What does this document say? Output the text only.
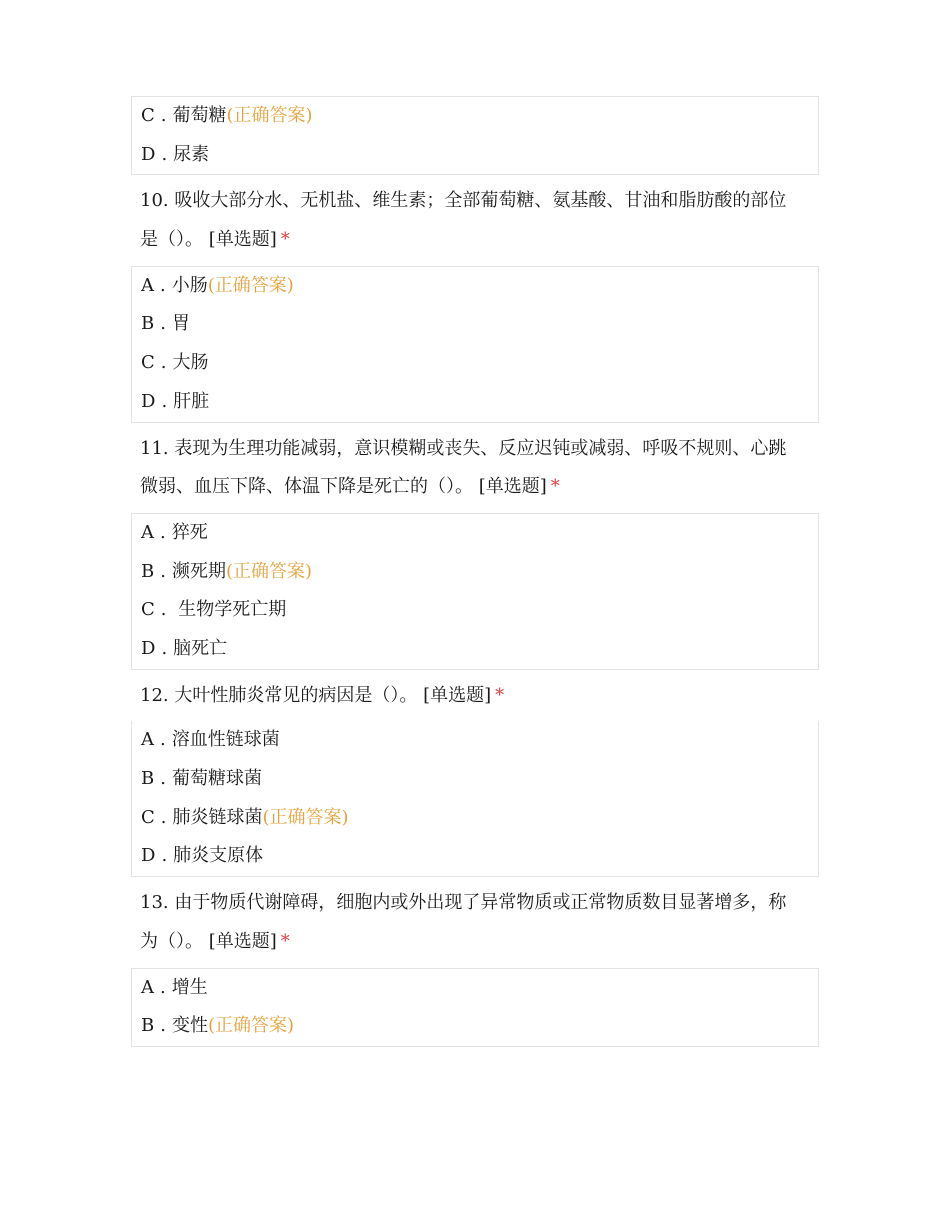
C . 葡萄糖(正确答案)
D . 尿素
10. 吸收大部分水、无机盐、维生素；全部葡萄糖、氨基酸、甘油和脂肪酸的部位
是（）。 [单选题] *
A . 小肠(正确答案)
B . 胃
C . 大肠
D . 肝脏
11. 表现为生理功能减弱，意识模糊或丧失、反应迟钝或减弱、呼吸不规则、心跳
微弱、血压下降、体温下降是死亡的（）。 [单选题] *
A . 猝死
B . 濒死期(正确答案)
C . 生物学死亡期
D . 脑死亡
12. 大叶性肺炎常见的病因是（）。 [单选题] *
A . 溶血性链球菌
B . 葡萄糖球菌
C . 肺炎链球菌(正确答案)
D . 肺炎支原体
13. 由于物质代谢障碍，细胞内或外出现了异常物质或正常物质数目显著增多，称
为（）。 [单选题] *
A . 增生
B . 变性(正确答案)
